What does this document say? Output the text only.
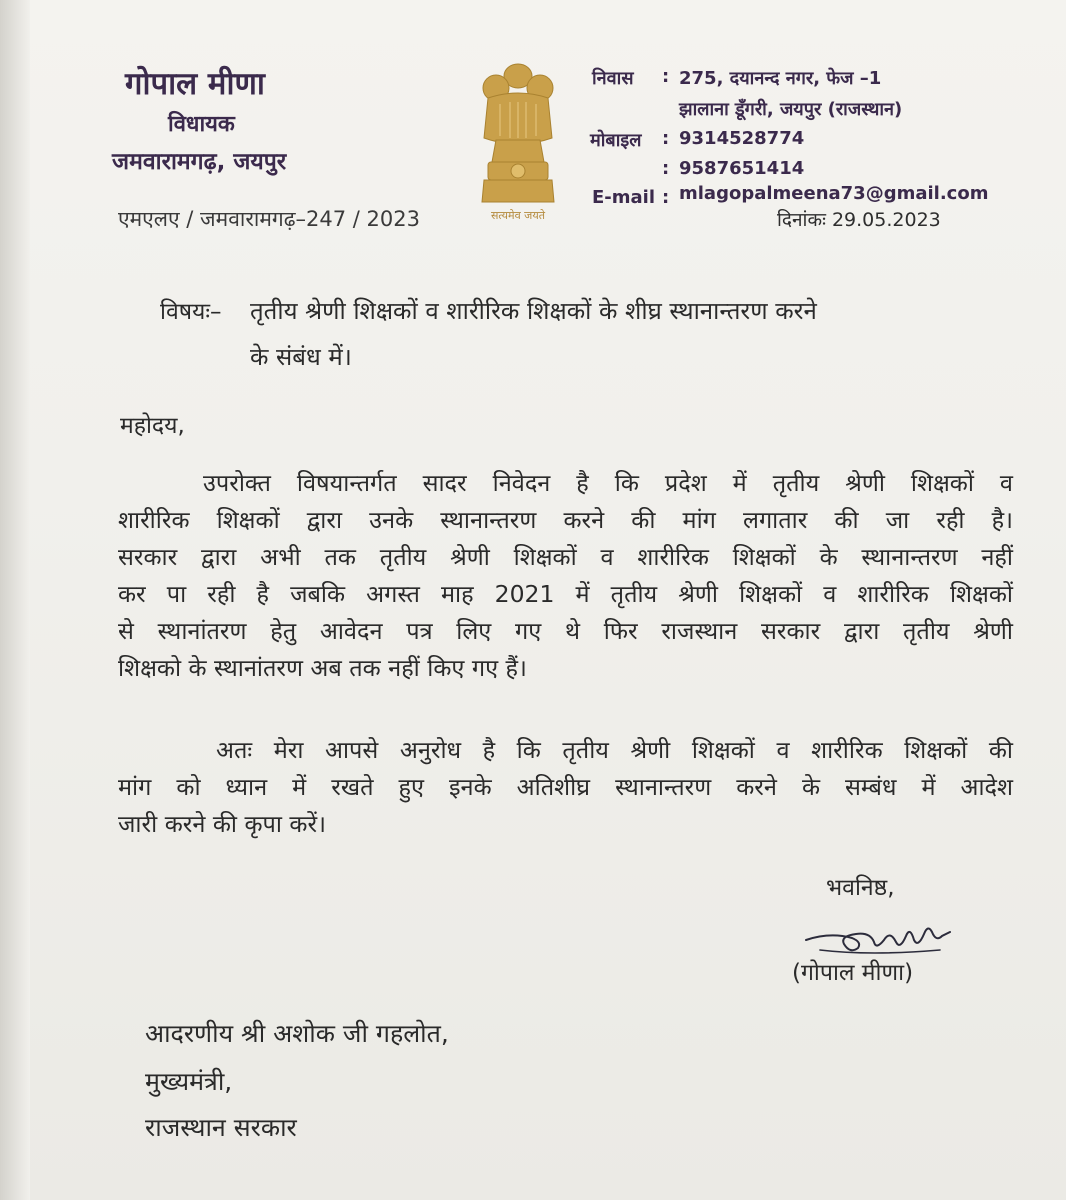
गोपाल मीणा
विधायक
जमवारामगढ़, जयपुर
एमएलए / जमवारामगढ़–247 / 2023	सत्यमेव जयते
निवास : 275, दयानन्द नगर, फेज –1
झालाना डूँगरी, जयपुर (राजस्थान)
मोबाइल : 9314528774
: 9587651414
E-mail : mlagopalmeena73@gmail.com
दिनांकः 29.05.2023
विषयः– तृतीय श्रेणी शिक्षकों व शारीरिक शिक्षकों के शीघ्र स्थानान्तरण करने
के संबंध में।
महोदय,
उपरोक्त विषयान्तर्गत सादर निवेदन है कि प्रदेश में तृतीय श्रेणी शिक्षकों व
शारीरिक शिक्षकों द्वारा उनके स्थानान्तरण करने की मांग लगातार की जा रही है।
सरकार द्वारा अभी तक तृतीय श्रेणी शिक्षकों व शारीरिक शिक्षकों के स्थानान्तरण नहीं
कर पा रही है जबकि अगस्त माह 2021 में तृतीय श्रेणी शिक्षकों व शारीरिक शिक्षकों
से स्थानांतरण हेतु आवेदन पत्र लिए गए थे फिर राजस्थान सरकार द्वारा तृतीय श्रेणी
शिक्षको के स्थानांतरण अब तक नहीं किए गए हैं।
अतः मेरा आपसे अनुरोध है कि तृतीय श्रेणी शिक्षकों व शारीरिक शिक्षकों की
मांग को ध्यान में रखते हुए इनके अतिशीघ्र स्थानान्तरण करने के सम्बंध में आदेश
जारी करने की कृपा करें।
भवनिष्ठ,
(गोपाल मीणा)
आदरणीय श्री अशोक जी गहलोत,
मुख्यमंत्री,
राजस्थान सरकार
